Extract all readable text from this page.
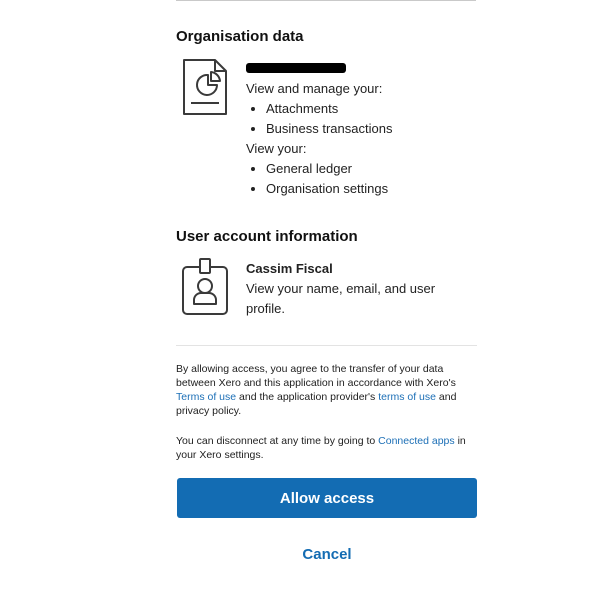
Organisation data
View and manage your:
• Attachments
• Business transactions
View your:
• General ledger
• Organisation settings
User account information
Cassim Fiscal
View your name, email, and user profile.

By allowing access, you agree to the transfer of your data between Xero and this application in accordance with Xero's Terms of use and the application provider's terms of use and privacy policy.

You can disconnect at any time by going to Connected apps in your Xero settings.

Allow access
Cancel
